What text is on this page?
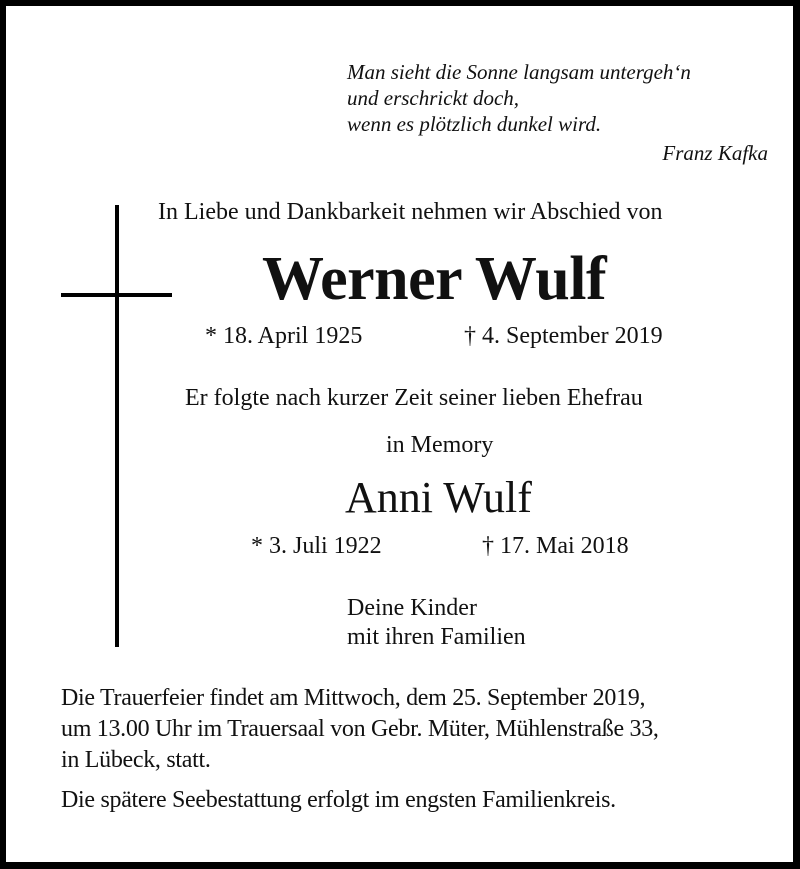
Man sieht die Sonne langsam untergeh‘n
und erschrickt doch,
wenn es plötzlich dunkel wird.
Franz Kafka
In Liebe und Dankbarkeit nehmen wir Abschied von
Werner Wulf
* 18. April 1925	† 4. September 2019
Er folgte nach kurzer Zeit seiner lieben Ehefrau
in Memory
Anni Wulf
* 3. Juli 1922	† 17. Mai 2018
Deine Kinder
mit ihren Familien
Die Trauerfeier findet am Mittwoch, dem 25. September 2019,
um 13.00 Uhr im Trauersaal von Gebr. Müter, Mühlenstraße 33,
in Lübeck, statt.
Die spätere Seebestattung erfolgt im engsten Familienkreis.
